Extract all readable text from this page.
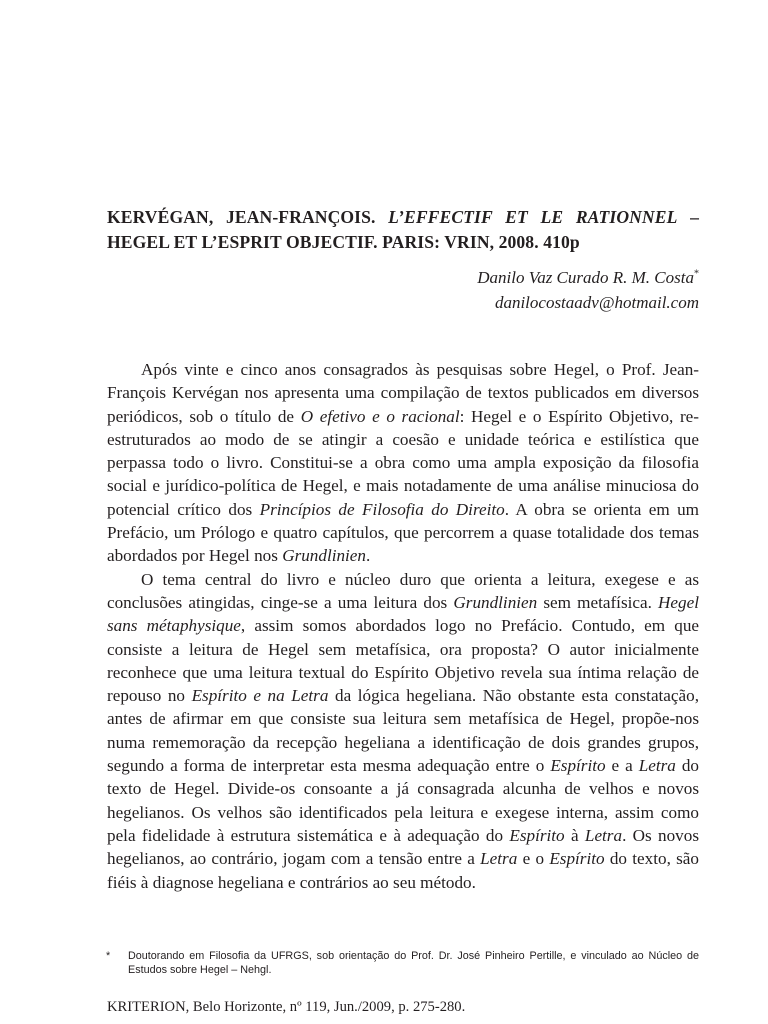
KERVÉGAN, JEAN-FRANÇOIS. L’EFFECTIF ET LE RATIONNEL – HEGEL ET L’ESPRIT OBJECTIF. PARIS: VRIN, 2008. 410p
Danilo Vaz Curado R. M. Costa*
danilocostaadv@hotmail.com

Após vinte e cinco anos consagrados às pesquisas sobre Hegel, o Prof. Jean-François Kervégan nos apresenta uma compilação de textos publicados em diversos periódicos, sob o título de O efetivo e o racional: Hegel e o Espírito Objetivo, re-estruturados ao modo de se atingir a coesão e unidade teórica e estilística que perpassa todo o livro. Constitui-se a obra como uma ampla exposição da filosofia social e jurídico-política de Hegel, e mais notadamente de uma análise minuciosa do potencial crítico dos Princípios de Filosofia do Direito. A obra se orienta em um Prefácio, um Prólogo e quatro capítulos, que percorrem a quase totalidade dos temas abordados por Hegel nos Grundlinien.

O tema central do livro e núcleo duro que orienta a leitura, exegese e as conclusões atingidas, cinge-se a uma leitura dos Grundlinien sem metafísica. Hegel sans métaphysique, assim somos abordados logo no Prefácio. Contudo, em que consiste a leitura de Hegel sem metafísica, ora proposta? O autor inicialmente reconhece que uma leitura textual do Espírito Objetivo revela sua íntima relação de repouso no Espírito e na Letra da lógica hegeliana. Não obstante esta constatação, antes de afirmar em que consiste sua leitura sem metafísica de Hegel, propõe-nos numa rememoração da recepção hegeliana a identificação de dois grandes grupos, segundo a forma de interpretar esta mesma adequação entre o Espírito e a Letra do texto de Hegel. Divide-os consoante a já consagrada alcunha de velhos e novos hegelianos. Os velhos são identificados pela leitura e exegese interna, assim como pela fidelidade à estrutura sistemática e à adequação do Espírito à Letra. Os novos hegelianos, ao contrário, jogam com a tensão entre a Letra e o Espírito do texto, são fiéis à diagnose hegeliana e contrários ao seu método.

* Doutorando em Filosofia da UFRGS, sob orientação do Prof. Dr. José Pinheiro Pertille, e vinculado ao Núcleo de Estudos sobre Hegel – Nehgl.
KRITERION, Belo Horizonte, nº 119, Jun./2009, p. 275-280.
